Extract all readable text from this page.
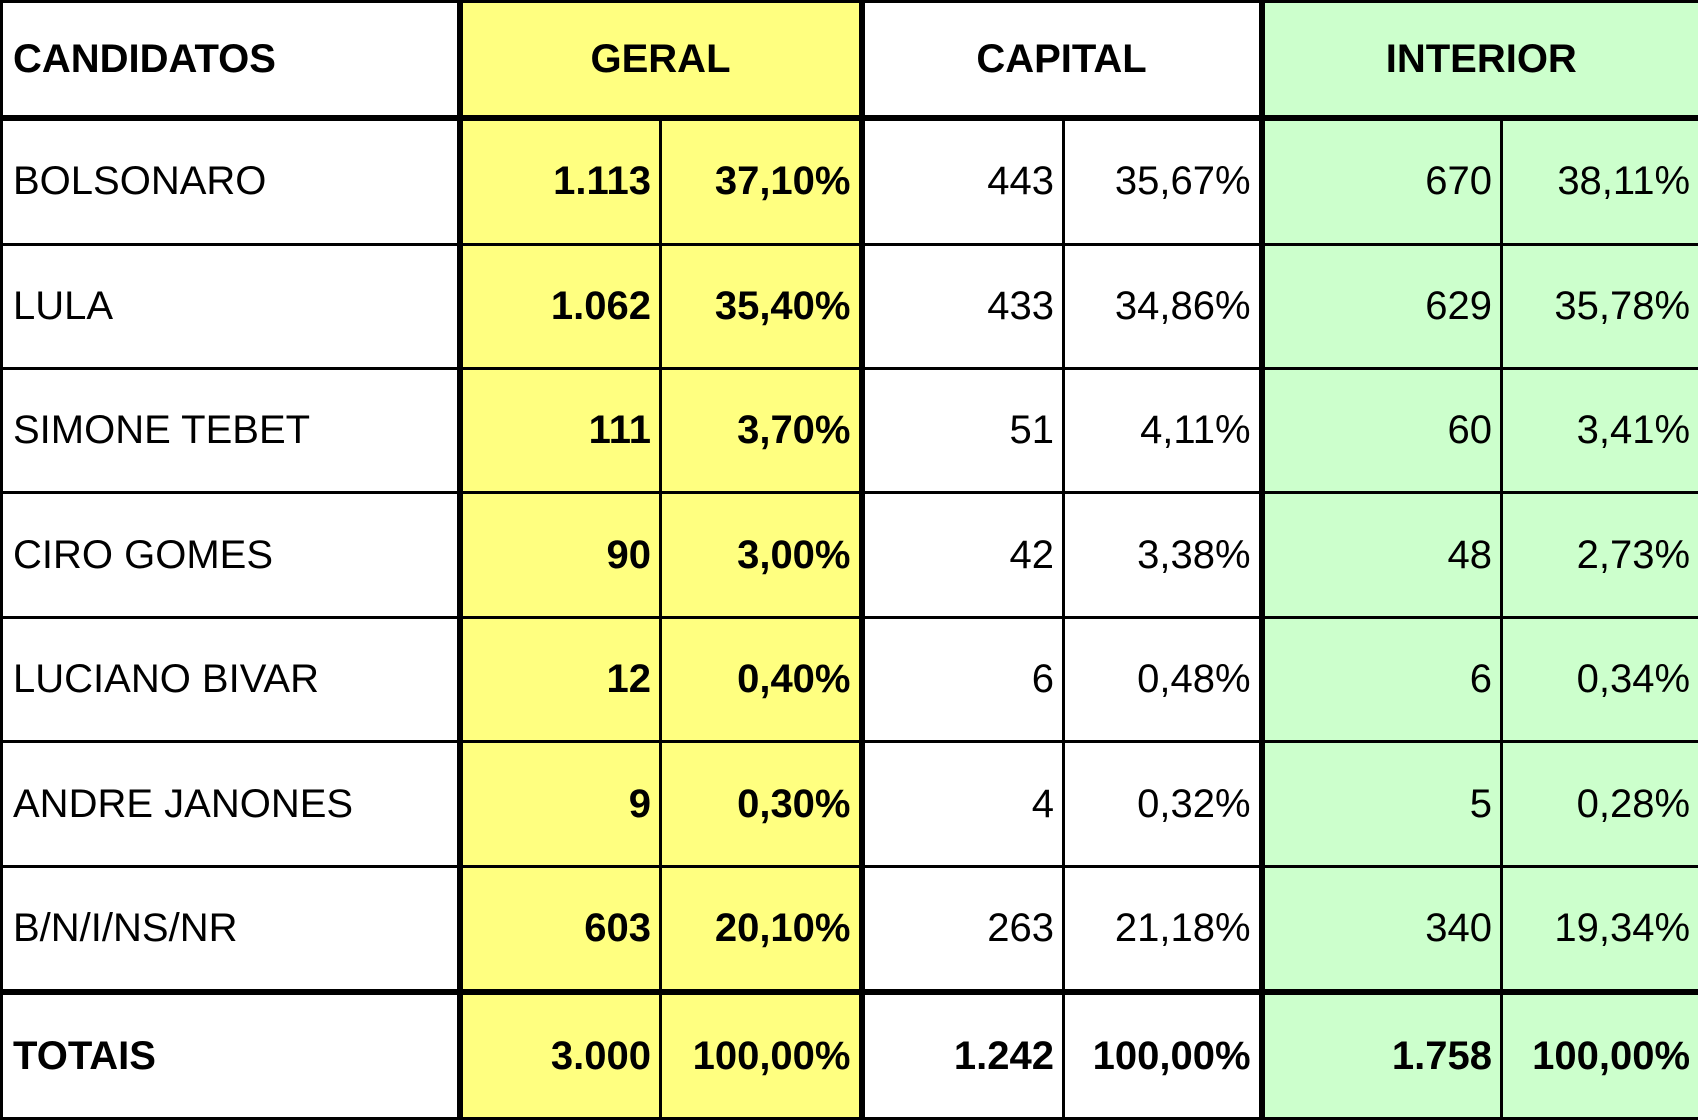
CANDIDATOS	GERAL		CAPITAL		INTERIOR	
BOLSONARO	1.113	37,10%	443	35,67%	670	38,11%
LULA	1.062	35,40%	433	34,86%	629	35,78%
SIMONE TEBET	111	3,70%	51	4,11%	60	3,41%
CIRO GOMES	90	3,00%	42	3,38%	48	2,73%
LUCIANO BIVAR	12	0,40%	6	0,48%	6	0,34%
ANDRE JANONES	9	0,30%	4	0,32%	5	0,28%
B/N/I/NS/NR	603	20,10%	263	21,18%	340	19,34%
TOTAIS	3.000	100,00%	1.242	100,00%	1.758	100,00%
